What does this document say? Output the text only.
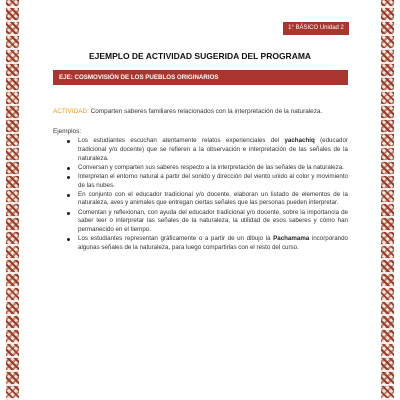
1° BÁSICO Unidad 2
EJEMPLO DE ACTIVIDAD SUGERIDA DEL PROGRAMA
EJE: COSMOVISIÓN DE LOS PUEBLOS ORIGINARIOS

ACTIVIDAD: Comparten saberes familiares relacionados con la interpretación de la naturaleza.

Ejemplos:

Los estudiantes escuchan atentamente relatos experienciales del yachachiq (educador tradicional y/o docente) que se refieren a la observación e interpretación de las señales de la naturaleza.
Conversan y comparten sus saberes respecto a la interpretación de las señales de la naturaleza.
Interpretan el entorno natural a partir del sonido y dirección del viento unido al color y movimiento de las nubes.
En conjunto con el educador tradicional y/o docente, elaboran un listado de elementos de la naturaleza, aves y animales que entregan ciertas señales que las personas pueden interpretar.
Comentan y reflexionan, con ayuda del educador tradicional y/o docente, sobre la importancia de saber leer o interpretar las señales de la naturaleza, la utilidad de esos saberes y cómo han permanecido en el tiempo.
Los estudiantes representan gráficamente o a partir de un dibujo la Pachamama incorporando algunas señales de la naturaleza, para luego compartirlas con el resto del curso.
